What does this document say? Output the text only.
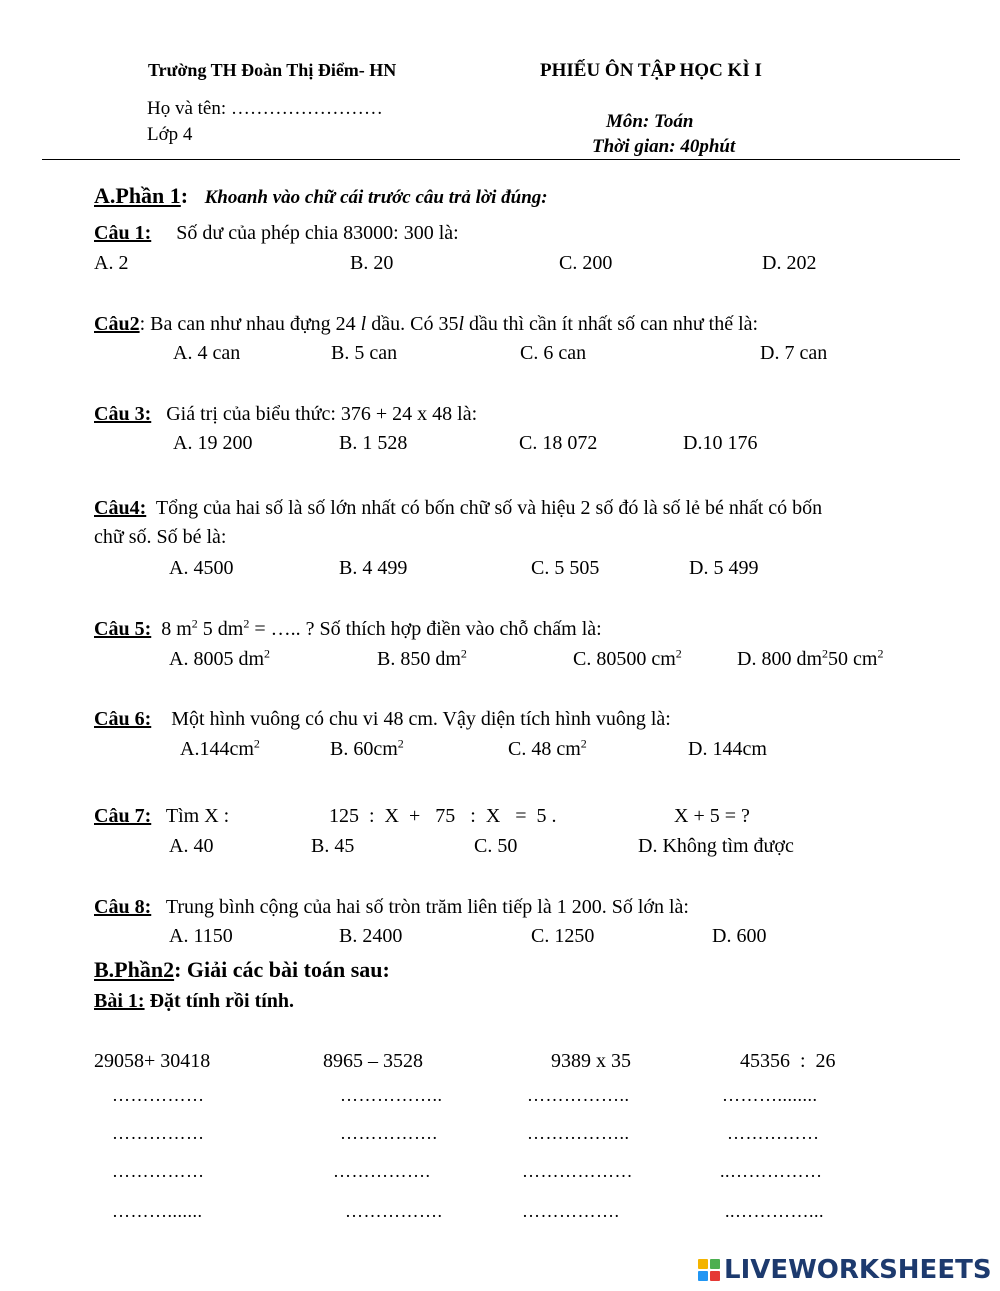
Trường TH Đoàn Thị Điểm- HN	PHIẾU ÔN TẬP HỌC KÌ I
Họ và tên: ……………………
Lớp 4
Môn: Toán
Thời gian: 40phút
A.Phần 1: Khoanh vào chữ cái trước câu trả lời đúng:
Câu 1: Số dư của phép chia 83000: 300 là:
A. 2	B. 20	C. 200	D. 202
Câu2: Ba can như nhau đựng 24 l dầu. Có 35l dầu thì cần ít nhất số can như thế là:
A. 4 can	B. 5 can	C. 6 can	D. 7 can
Câu 3: Giá trị của biểu thức: 376 + 24 x 48 là:
A. 19 200	B. 1 528	C. 18 072	D.10 176
Câu4: Tổng của hai số là số lớn nhất có bốn chữ số và hiệu 2 số đó là số lẻ bé nhất có bốn
chữ số. Số bé là:
A. 4500	B. 4 499	C. 5 505	D. 5 499
Câu 5: 8 $m^2$ 5 $dm^2$ = ….. ? Số thích hợp điền vào chỗ chấm là:
A. 8005 $dm^2$	B. 850 $dm^2$	C. 80500 $cm^2$	D. 800 $dm^250$ $cm^2$
Câu 6: Một hình vuông có chu vi 48 cm. Vậy diện tích hình vuông là:
$A.144cm^2$	B. $60cm^2$	C. 48 $cm^2$	D. 144cm
Câu 7: Tìm X :	125  :  X  +   75   :  X   =  5 .	X + 5 = ?
A. 40	B. 45	C. 50	D. Không tìm được
Câu 8: Trung bình cộng của hai số tròn trăm liên tiếp là 1 200. Số lớn là:
A. 1150	B. 2400	C. 1250	D. 600
B.Phần2: Giải các bài toán sau:
Bài 1: Đặt tính rồi tính.
29058+ 30418	8965 – 3528	9389 x 35	45356  :  26
……………	……………..	……………..	………........
……………	…………….	……………..	……………
……………	…………….	………………	..……………
……….......	…………….	…………….	..…………...
LIVEWORKSHEETS
